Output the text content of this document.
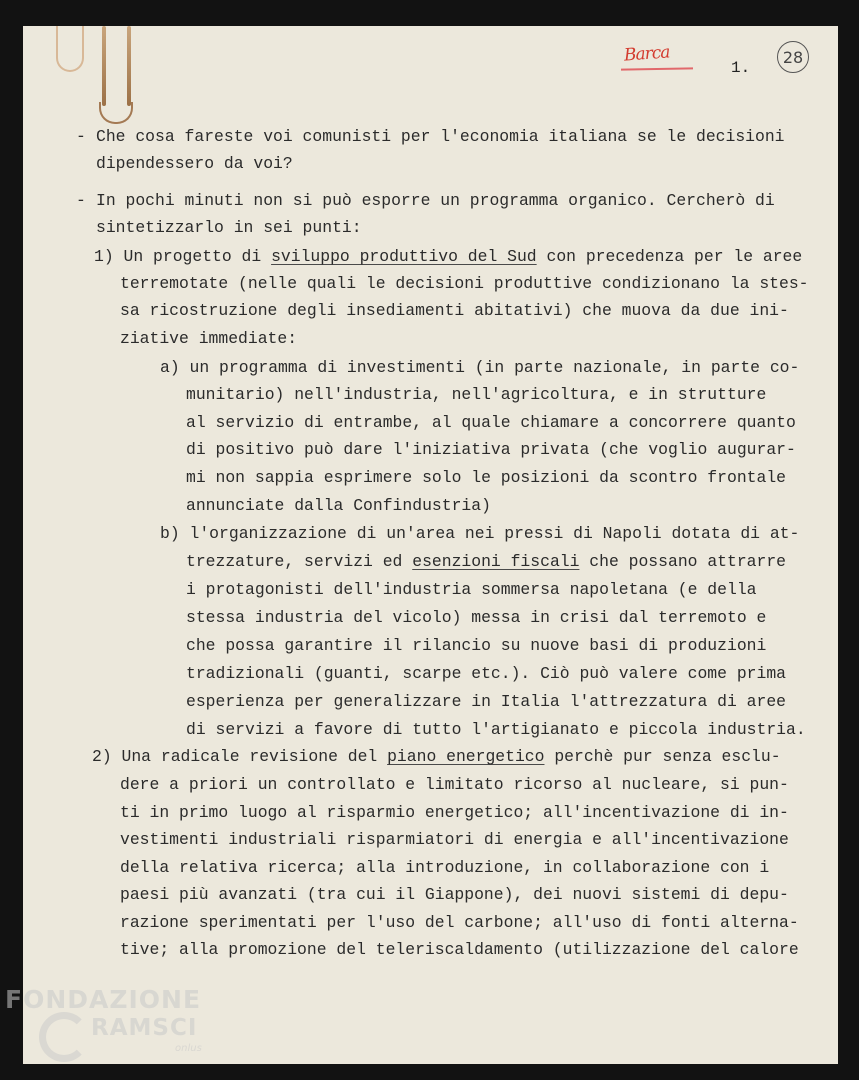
Barca
1.
28
- Che cosa fareste voi comunisti per l'economia italiana se le decisioni
dipendessero da voi?
- In pochi minuti non si può esporre un programma organico. Cercherò di
sintetizzarlo in sei punti:
1) Un progetto di sviluppo produttivo del Sud con precedenza per le aree
terremotate (nelle quali le decisioni produttive condizionano la stes-
sa ricostruzione degli insediamenti abitativi) che muova da due ini-
ziative immediate:
a) un programma di investimenti (in parte nazionale, in parte co-
munitario) nell'industria, nell'agricoltura, e in strutture
al servizio di entrambe, al quale chiamare a concorrere quanto
di positivo può dare l'iniziativa privata (che voglio augurar-
mi non sappia esprimere solo le posizioni da scontro frontale
annunciate dalla Confindustria)
b) l'organizzazione di un'area nei pressi di Napoli dotata di at-
trezzature, servizi ed esenzioni fiscali che possano attrarre
i protagonisti dell'industria sommersa napoletana (e della
stessa industria del vicolo) messa in crisi dal terremoto e
che possa garantire il rilancio su nuove basi di produzioni
tradizionali (guanti, scarpe etc.). Ciò può valere come prima
esperienza per generalizzare in Italia l'attrezzatura di aree
di servizi a favore di tutto l'artigianato e piccola industria.
2) Una radicale revisione del piano energetico perchè pur senza esclu-
dere a priori un controllato e limitato ricorso al nucleare, si pun-
ti in primo luogo al risparmio energetico; all'incentivazione di in-
vestimenti industriali risparmiatori di energia e all'incentivazione
della relativa ricerca; alla introduzione, in collaborazione con i
paesi più avanzati (tra cui il Giappone), dei nuovi sistemi di depu-
razione sperimentati per l'uso del carbone; all'uso di fonti alterna-
tive; alla promozione del teleriscaldamento (utilizzazione del calore
FONDAZIONE
RAMSCI
onlus
